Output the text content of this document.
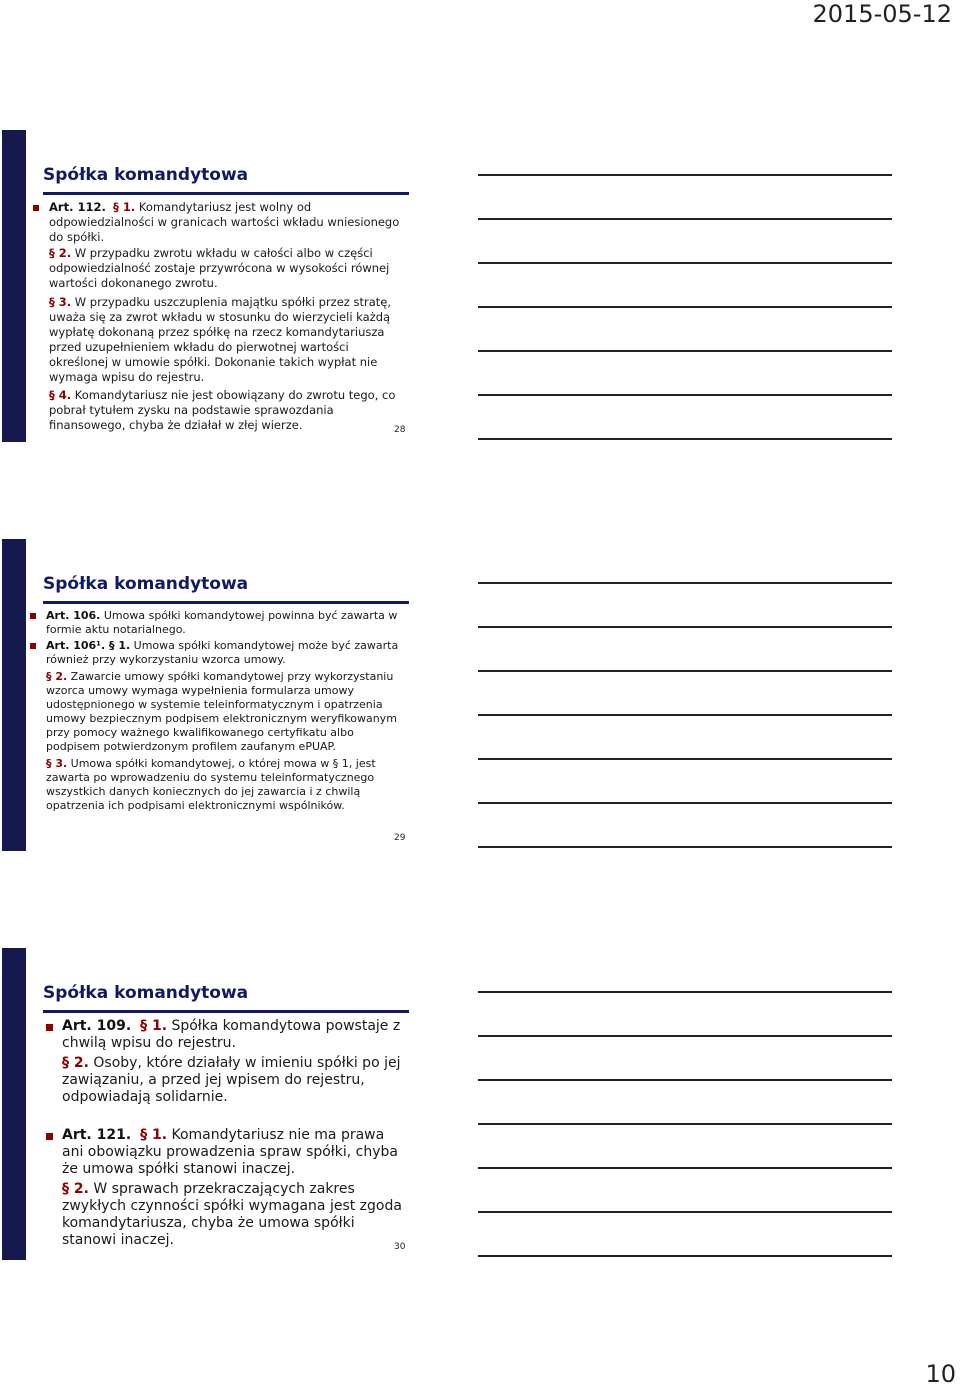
2015-05-12
Spółka komandytowa
Art. 112. § 1. Komandytariusz jest wolny od odpowiedzialności w granicach wartości wkładu wniesionego do spółki.
§ 2. W przypadku zwrotu wkładu w całości albo w części odpowiedzialność zostaje przywrócona w wysokości równej wartości dokonanego zwrotu.
§ 3. W przypadku uszczuplenia majątku spółki przez stratę, uważa się za zwrot wkładu w stosunku do wierzycieli każdą wypłatę dokonaną przez spółkę na rzecz komandytariusza przed uzupełnieniem wkładu do pierwotnej wartości określonej w umowie spółki. Dokonanie takich wypłat nie wymaga wpisu do rejestru.
§ 4. Komandytariusz nie jest obowiązany do zwrotu tego, co pobrał tytułem zysku na podstawie sprawozdania finansowego, chyba że działał w złej wierze.	28
Spółka komandytowa
Art. 106. Umowa spółki komandytowej powinna być zawarta w formie aktu notarialnego.
Art. 106¹. § 1. Umowa spółki komandytowej może być zawarta również przy wykorzystaniu wzorca umowy.
§ 2. Zawarcie umowy spółki komandytowej przy wykorzystaniu wzorca umowy wymaga wypełnienia formularza umowy udostępnionego w systemie teleinformatycznym i opatrzenia umowy bezpiecznym podpisem elektronicznym weryfikowanym przy pomocy ważnego kwalifikowanego certyfikatu albo podpisem potwierdzonym profilem zaufanym ePUAP.
§ 3. Umowa spółki komandytowej, o której mowa w § 1, jest zawarta po wprowadzeniu do systemu teleinformatycznego wszystkich danych koniecznych do jej zawarcia i z chwilą opatrzenia ich podpisami elektronicznymi wspólników.
29
Spółka komandytowa
Art. 109. § 1. Spółka komandytowa powstaje z chwilą wpisu do rejestru.
§ 2. Osoby, które działały w imieniu spółki po jej zawiązaniu, a przed jej wpisem do rejestru, odpowiadają solidarnie.
Art. 121. § 1. Komandytariusz nie ma prawa ani obowiązku prowadzenia spraw spółki, chyba że umowa spółki stanowi inaczej.
§ 2. W sprawach przekraczających zakres zwykłych czynności spółki wymagana jest zgoda komandytariusza, chyba że umowa spółki stanowi inaczej.	30
10
